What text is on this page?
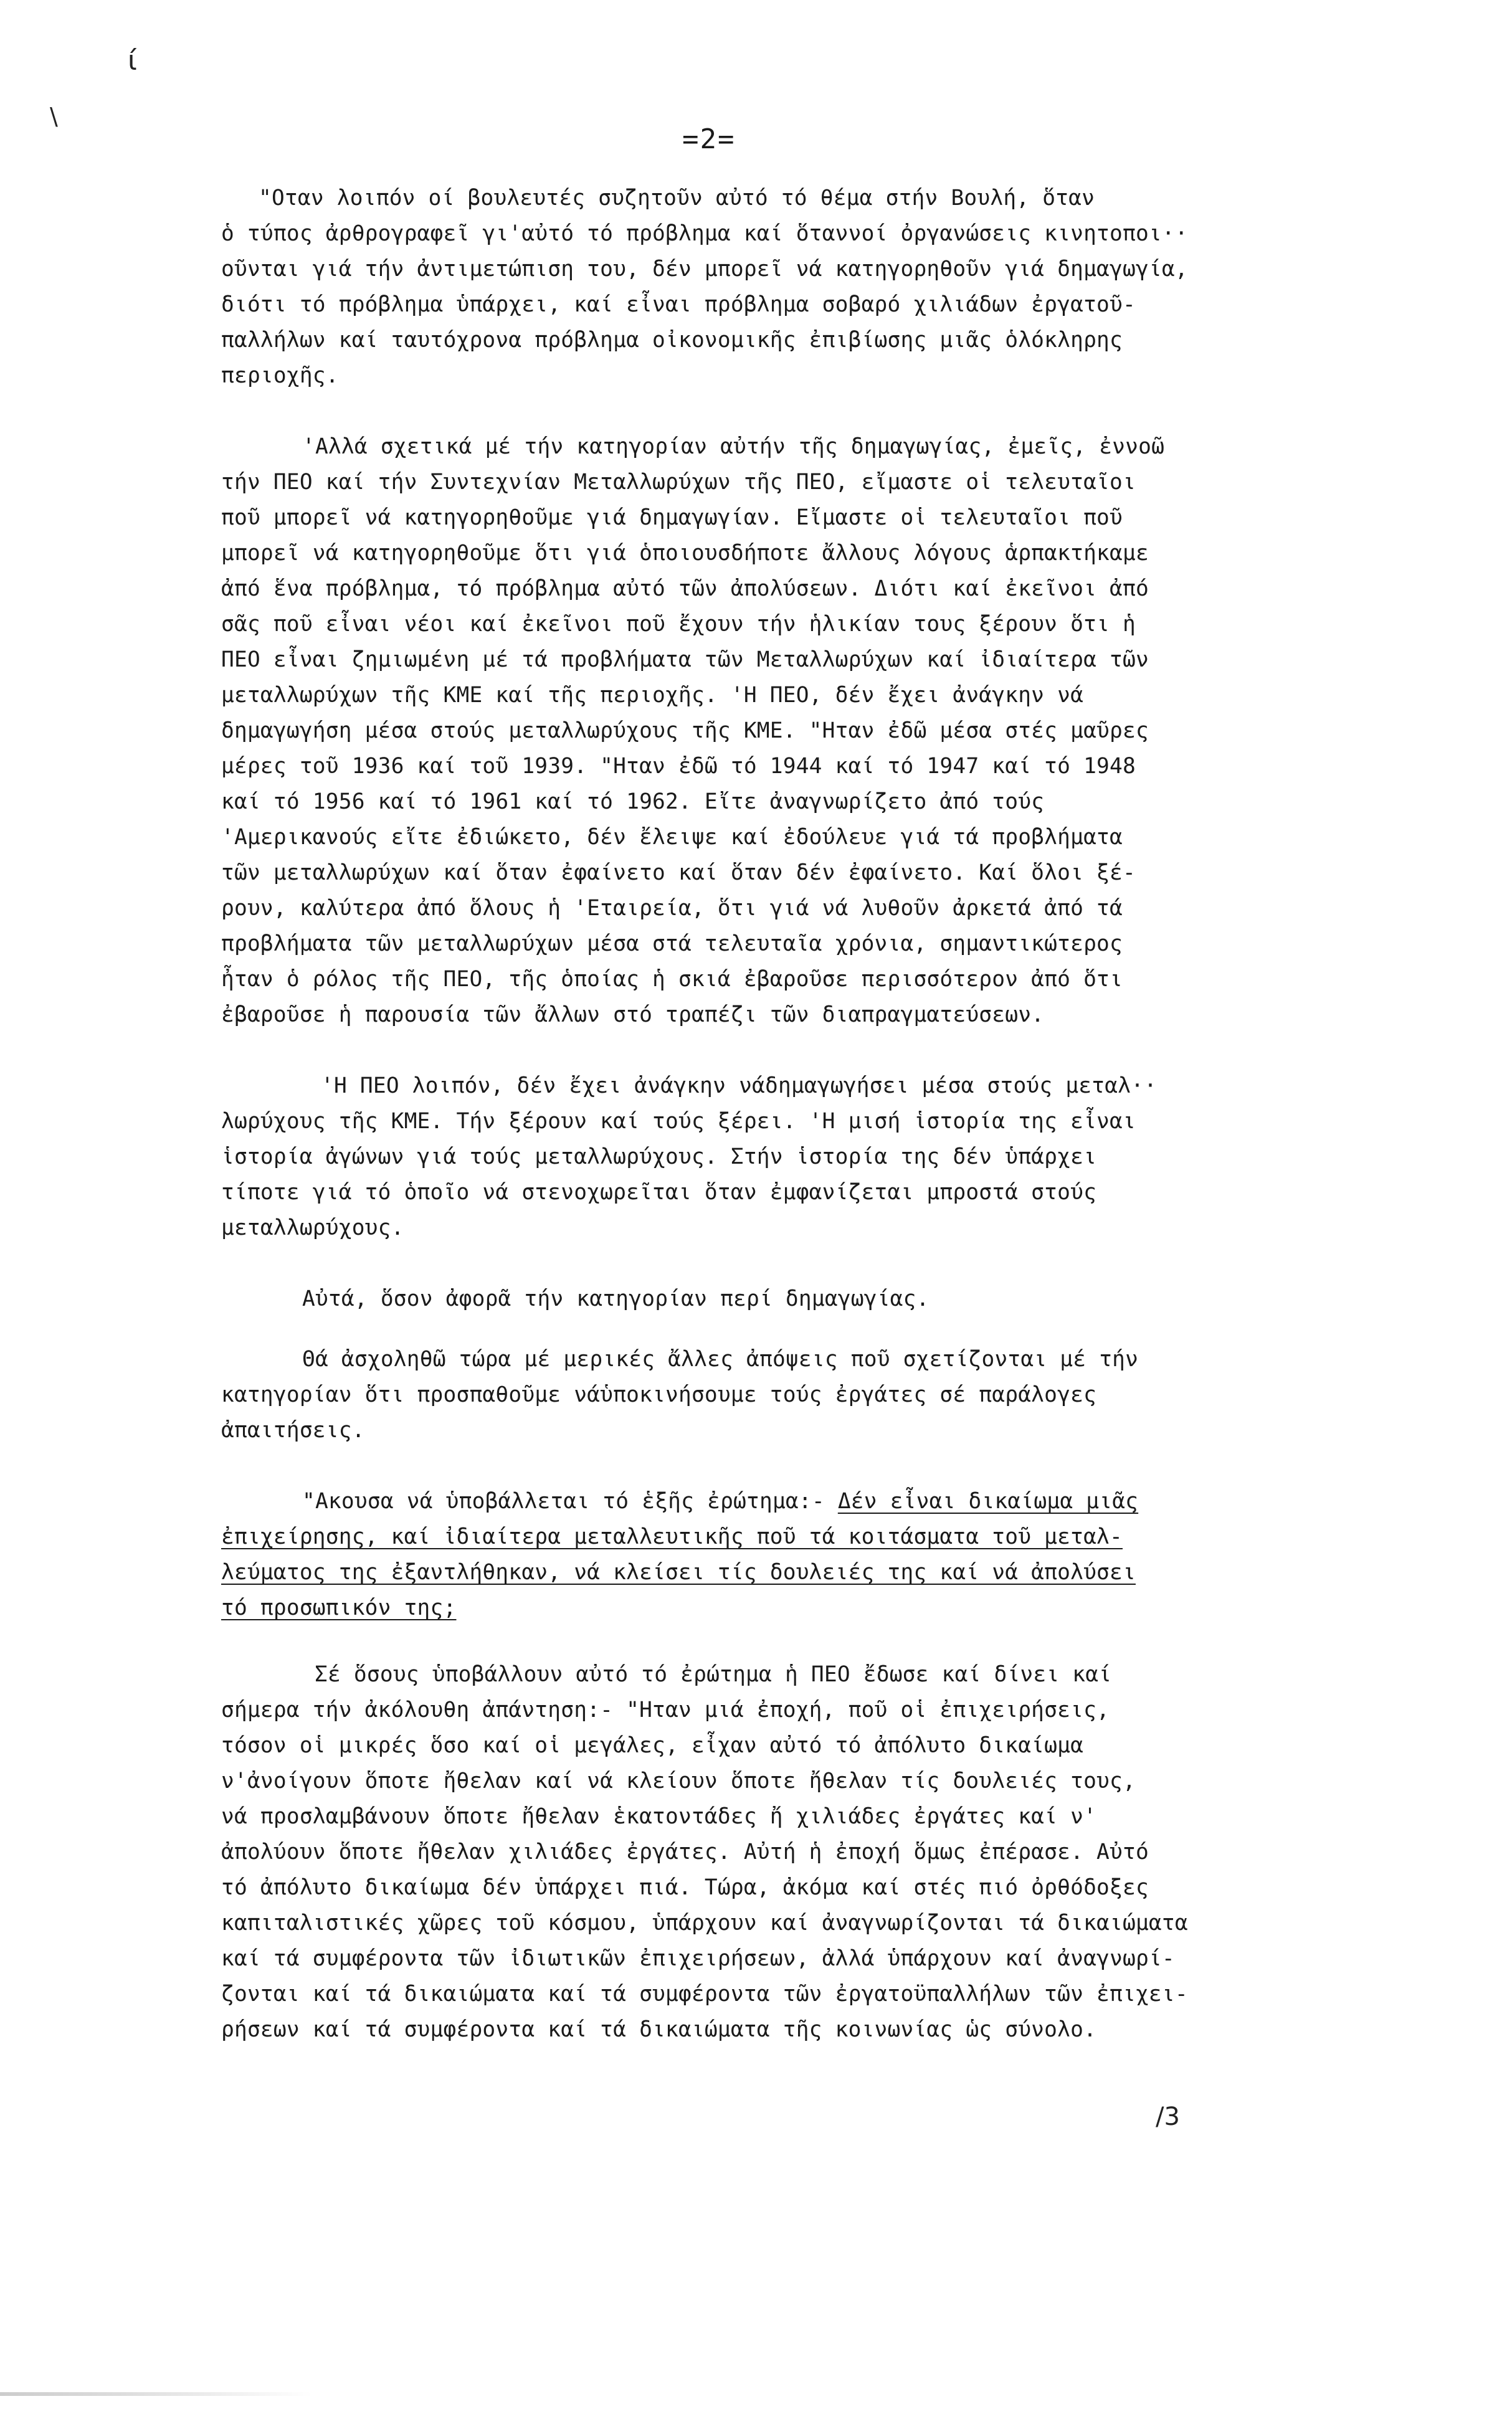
ί
\
=2=

"Οταν λοιπόν οί βουλευτές συζητοῦν αὐτό τό θέμα στήν Βουλή, ὅταν
ὁ τύπος ἀρθρογραφεῖ γι'αὐτό τό πρόβλημα καί ὅταννοί ὀργανώσεις κινητοποι··
οῦνται γιά τήν ἀντιμετώπιση του, δέν μπορεῖ νά κατηγορηθοῦν γιά δημαγωγία,
διότι τό πρόβλημα ὑπάρχει, καί εἶναι πρόβλημα σοβαρό χιλιάδων ἐργατοῦ-
παλλήλων καί ταυτόχρονα πρόβλημα οἰκονομικῆς ἐπιβίωσης μιᾶς ὁλόκληρης
περιοχῆς.

'Αλλά σχετικά μέ τήν κατηγορίαν αὐτήν τῆς δημαγωγίας, ἐμεῖς, ἐννοῶ
τήν ΠΕΟ καί τήν Συντεχνίαν Μεταλλωρύχων τῆς ΠΕΟ, εἴμαστε οἱ τελευταῖοι
ποῦ μπορεῖ νά κατηγορηθοῦμε γιά δημαγωγίαν. Εἴμαστε οἱ τελευταῖοι ποῦ
μπορεῖ νά κατηγορηθοῦμε ὅτι γιά ὁποιουσδήποτε ἄλλους λόγους ἁρπακτήκαμε
ἀπό ἕνα πρόβλημα, τό πρόβλημα αὐτό τῶν ἀπολύσεων. Διότι καί ἐκεῖνοι ἀπό
σᾶς ποῦ εἶναι νέοι καί ἐκεῖνοι ποῦ ἔχουν τήν ἡλικίαν τους ξέρουν ὅτι ἡ
ΠΕΟ εἶναι ζημιωμένη μέ τά προβλήματα τῶν Μεταλλωρύχων καί ἰδιαίτερα τῶν
μεταλλωρύχων τῆς ΚΜΕ καί τῆς περιοχῆς. 'Η ΠΕΟ, δέν ἔχει ἀνάγκην νά
δημαγωγήση μέσα στούς μεταλλωρύχους τῆς ΚΜΕ. "Ηταν ἐδῶ μέσα στές μαῦρες
μέρες τοῦ 1936 καί τοῦ 1939. "Ηταν ἐδῶ τό 1944 καί τό 1947 καί τό 1948
καί τό 1956 καί τό 1961 καί τό 1962. Εἴτε ἀναγνωρίζετο ἀπό τούς
'Αμερικανούς εἴτε ἐδιώκετο, δέν ἔλειψε καί ἐδούλευε γιά τά προβλήματα
τῶν μεταλλωρύχων καί ὅταν ἐφαίνετο καί ὅταν δέν ἐφαίνετο. Καί ὅλοι ξέ-
ρουν, καλύτερα ἀπό ὅλους ἡ 'Εταιρεία, ὅτι γιά νά λυθοῦν ἀρκετά ἀπό τά
προβλήματα τῶν μεταλλωρύχων μέσα στά τελευταῖα χρόνια, σημαντικώτερος
ἦταν ὁ ρόλος τῆς ΠΕΟ, τῆς ὁποίας ἡ σκιά ἐβαροῦσε περισσότερον ἀπό ὅτι
ἐβαροῦσε ἡ παρουσία τῶν ἄλλων στό τραπέζι τῶν διαπραγματεύσεων.

'Η ΠΕΟ λοιπόν, δέν ἔχει ἀνάγκην νάδημαγωγήσει μέσα στούς μεταλ··
λωρύχους τῆς ΚΜΕ. Τήν ξέρουν καί τούς ξέρει. 'Η μισή ἱστορία της εἶναι
ἱστορία ἀγώνων γιά τούς μεταλλωρύχους. Στήν ἱστορία της δέν ὑπάρχει
τίποτε γιά τό ὁποῖο νά στενοχωρεῖται ὅταν ἐμφανίζεται μπροστά στούς
μεταλλωρύχους.

Αὐτά, ὅσον ἀφορᾶ τήν κατηγορίαν περί δημαγωγίας.

Θά ἀσχοληθῶ τώρα μέ μερικές ἄλλες ἀπόψεις ποῦ σχετίζονται μέ τήν
κατηγορίαν ὅτι προσπαθοῦμε νάὑποκινήσουμε τούς ἐργάτες σέ παράλογες
ἀπαιτήσεις.

"Ακουσα νά ὑποβάλλεται τό ἑξῆς ἐρώτημα:- Δέν εἶναι δικαίωμα μιᾶς
ἐπιχείρησης, καί ἰδιαίτερα μεταλλευτικῆς ποῦ τά κοιτάσματα τοῦ μεταλ-
λεύματος της ἐξαντλήθηκαν, νά κλείσει τίς δουλειές της καί νά ἀπολύσει
τό προσωπικόν της;

Σέ ὅσους ὑποβάλλουν αὐτό τό ἐρώτημα ἡ ΠΕΟ ἔδωσε καί δίνει καί
σήμερα τήν ἀκόλουθη ἀπάντηση:- "Ηταν μιά ἐποχή, ποῦ οἱ ἐπιχειρήσεις,
τόσον οἱ μικρές ὅσο καί οἱ μεγάλες, εἶχαν αὐτό τό ἀπόλυτο δικαίωμα
ν'ἀνοίγουν ὅποτε ἤθελαν καί νά κλείουν ὅποτε ἤθελαν τίς δουλειές τους,
νά προσλαμβάνουν ὅποτε ἤθελαν ἑκατοντάδες ἤ χιλιάδες ἐργάτες καί ν'
ἀπολύουν ὅποτε ἤθελαν χιλιάδες ἐργάτες. Αὐτή ἡ ἐποχή ὅμως ἐπέρασε. Αὐτό
τό ἀπόλυτο δικαίωμα δέν ὑπάρχει πιά. Τώρα, ἀκόμα καί στές πιό ὀρθόδοξες
καπιταλιστικές χῶρες τοῦ κόσμου, ὑπάρχουν καί ἀναγνωρίζονται τά δικαιώματα
καί τά συμφέροντα τῶν ἰδιωτικῶν ἐπιχειρήσεων, ἀλλά ὑπάρχουν καί ἀναγνωρί-
ζονται καί τά δικαιώματα καί τά συμφέροντα τῶν ἐργατοϋπαλλήλων τῶν ἐπιχει-
ρήσεων καί τά συμφέροντα καί τά δικαιώματα τῆς κοινωνίας ὡς σύνολο.

/3
